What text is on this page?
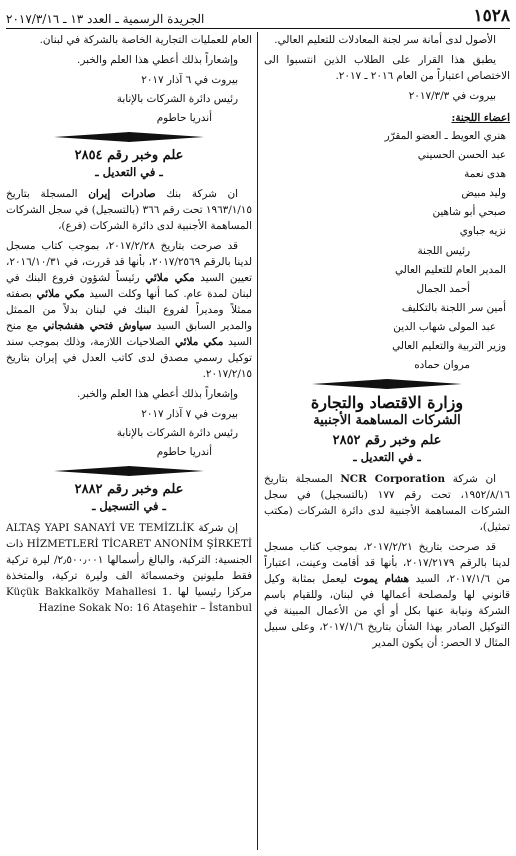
١٥٢٨
الجريدة الرسمية ـ العدد ١٣ ـ ٢٠١٧/٣/١٦

الأصول لدى أمانة سر لجنة المعادلات للتعليم العالي.

يطبق هذا القرار على الطلاب الذين انتسبوا الى الاختصاص اعتباراً من العام ٢٠١٦ ـ ٢٠١٧.

بيروت في ٢٠١٧/٣/٣

اعضاء اللجنة:

هنري العويط ـ العضو المقرّر

عبد الحسن الحسيني

هدى نعمة

وليد مبيض

صبحي أبو شاهين

نزيه جباوي

رئيس اللجنة

المدير العام للتعليم العالي

أحمد الجمال

أمين سر اللجنة بالتكليف

عبد المولى شهاب الدين

وزير التربية والتعليم العالي

مروان حماده

وزارة الاقتصاد والتجارة

الشركات المساهمة الأجنبية

علم وخبر رقم ٢٨٥٢

ـ في التعديل ـ

ان شركة NCR Corporation المسجلة بتاريخ ١٩٥٢/٨/١٦، تحت رقم ١٧٧ (بالتسجيل) في سجل الشركات المساهمة الأجنبية لدى دائرة الشركات (مكتب تمثيل)،

قد صرحت بتاريخ ٢٠١٧/٢/٢١، بموجب كتاب مسجل لدينا بالرقم ٢٠١٧/٢١٧٩، بأنها قد أقامت وعينت، اعتباراً من ٢٠١٧/١/٦، السيد هشام يموت ليعمل بمثابة وكيل قانوني لها ولمصلحة أعمالها في لبنان، وللقيام باسم الشركة ونيابة عنها بكل أو أي من الأعمال المبينة في التوكيل الصادر بهذا الشأن بتاريخ ٢٠١٧/١/٦، وعلى سبيل المثال لا الحصر: أن يكون المدير

العام للعمليات التجارية الخاصة بالشركة في لبنان.

وإشعاراً بذلك أعطي هذا العلم والخبر.

بيروت في ٦ آذار ٢٠١٧

رئيس دائرة الشركات بالإنابة

أندريا حاطوم

علم وخبر رقم ٢٨٥٤

ـ في التعديل ـ

ان شركة بنك صادرات إيران المسجلة بتاريخ ١٩٦٣/١/١٥ تحت رقم ٣٦٦ (بالتسجيل) في سجل الشركات المساهمة الأجنبية لدى دائرة الشركات (فرع)،

قد صرحت بتاريخ ٢٠١٧/٢/٢٨، بموجب كتاب مسجل لدينا بالرقم ٢٠١٧/٢٥٦٩، بأنها قد قررت، في ٢٠١٦/١٠/٣١، تعيين السيد مكي ملائي رئيساً لشؤون فروع البنك في لبنان لمدة عام. كما أنها وكلت السيد مكي ملائي بصفته ممثلاً ومديراً لفروع البنك في لبنان بدلاً من الممثل والمدير السابق السيد سياوش فتحي هفشجاني مع منح السيد مكي ملائي الصلاحيات اللازمة، وذلك بموجب سند توكيل رسمي مصدق لدى كاتب العدل في إيران بتاريخ ٢٠١٧/٢/١٥.

وإشعاراً بذلك أعطي هذا العلم والخبر.

بيروت في ٧ آذار ٢٠١٧

رئيس دائرة الشركات بالإنابة

أندريا حاطوم

علم وخبر رقم ٢٨٨٢

ـ في التسجيل ـ

إن شركة ALTAŞ YAPI SANAYİ VE TEMİZLİK HİZMETLERİ TİCARET ANONİM ŞİRKETİ ذات الجنسية: التركية، والبالغ رأسمالها ٢٫٥٠٠٫٠٠١/ ليرة تركية فقط مليونين وخمسمائة الف وليرة تركية، والمتخذة مركزا رئيسيا لها Küçük Bakkalköy Mahallesi 1. Hazine Sokak No: 16 Ataşehir – İstanbul
